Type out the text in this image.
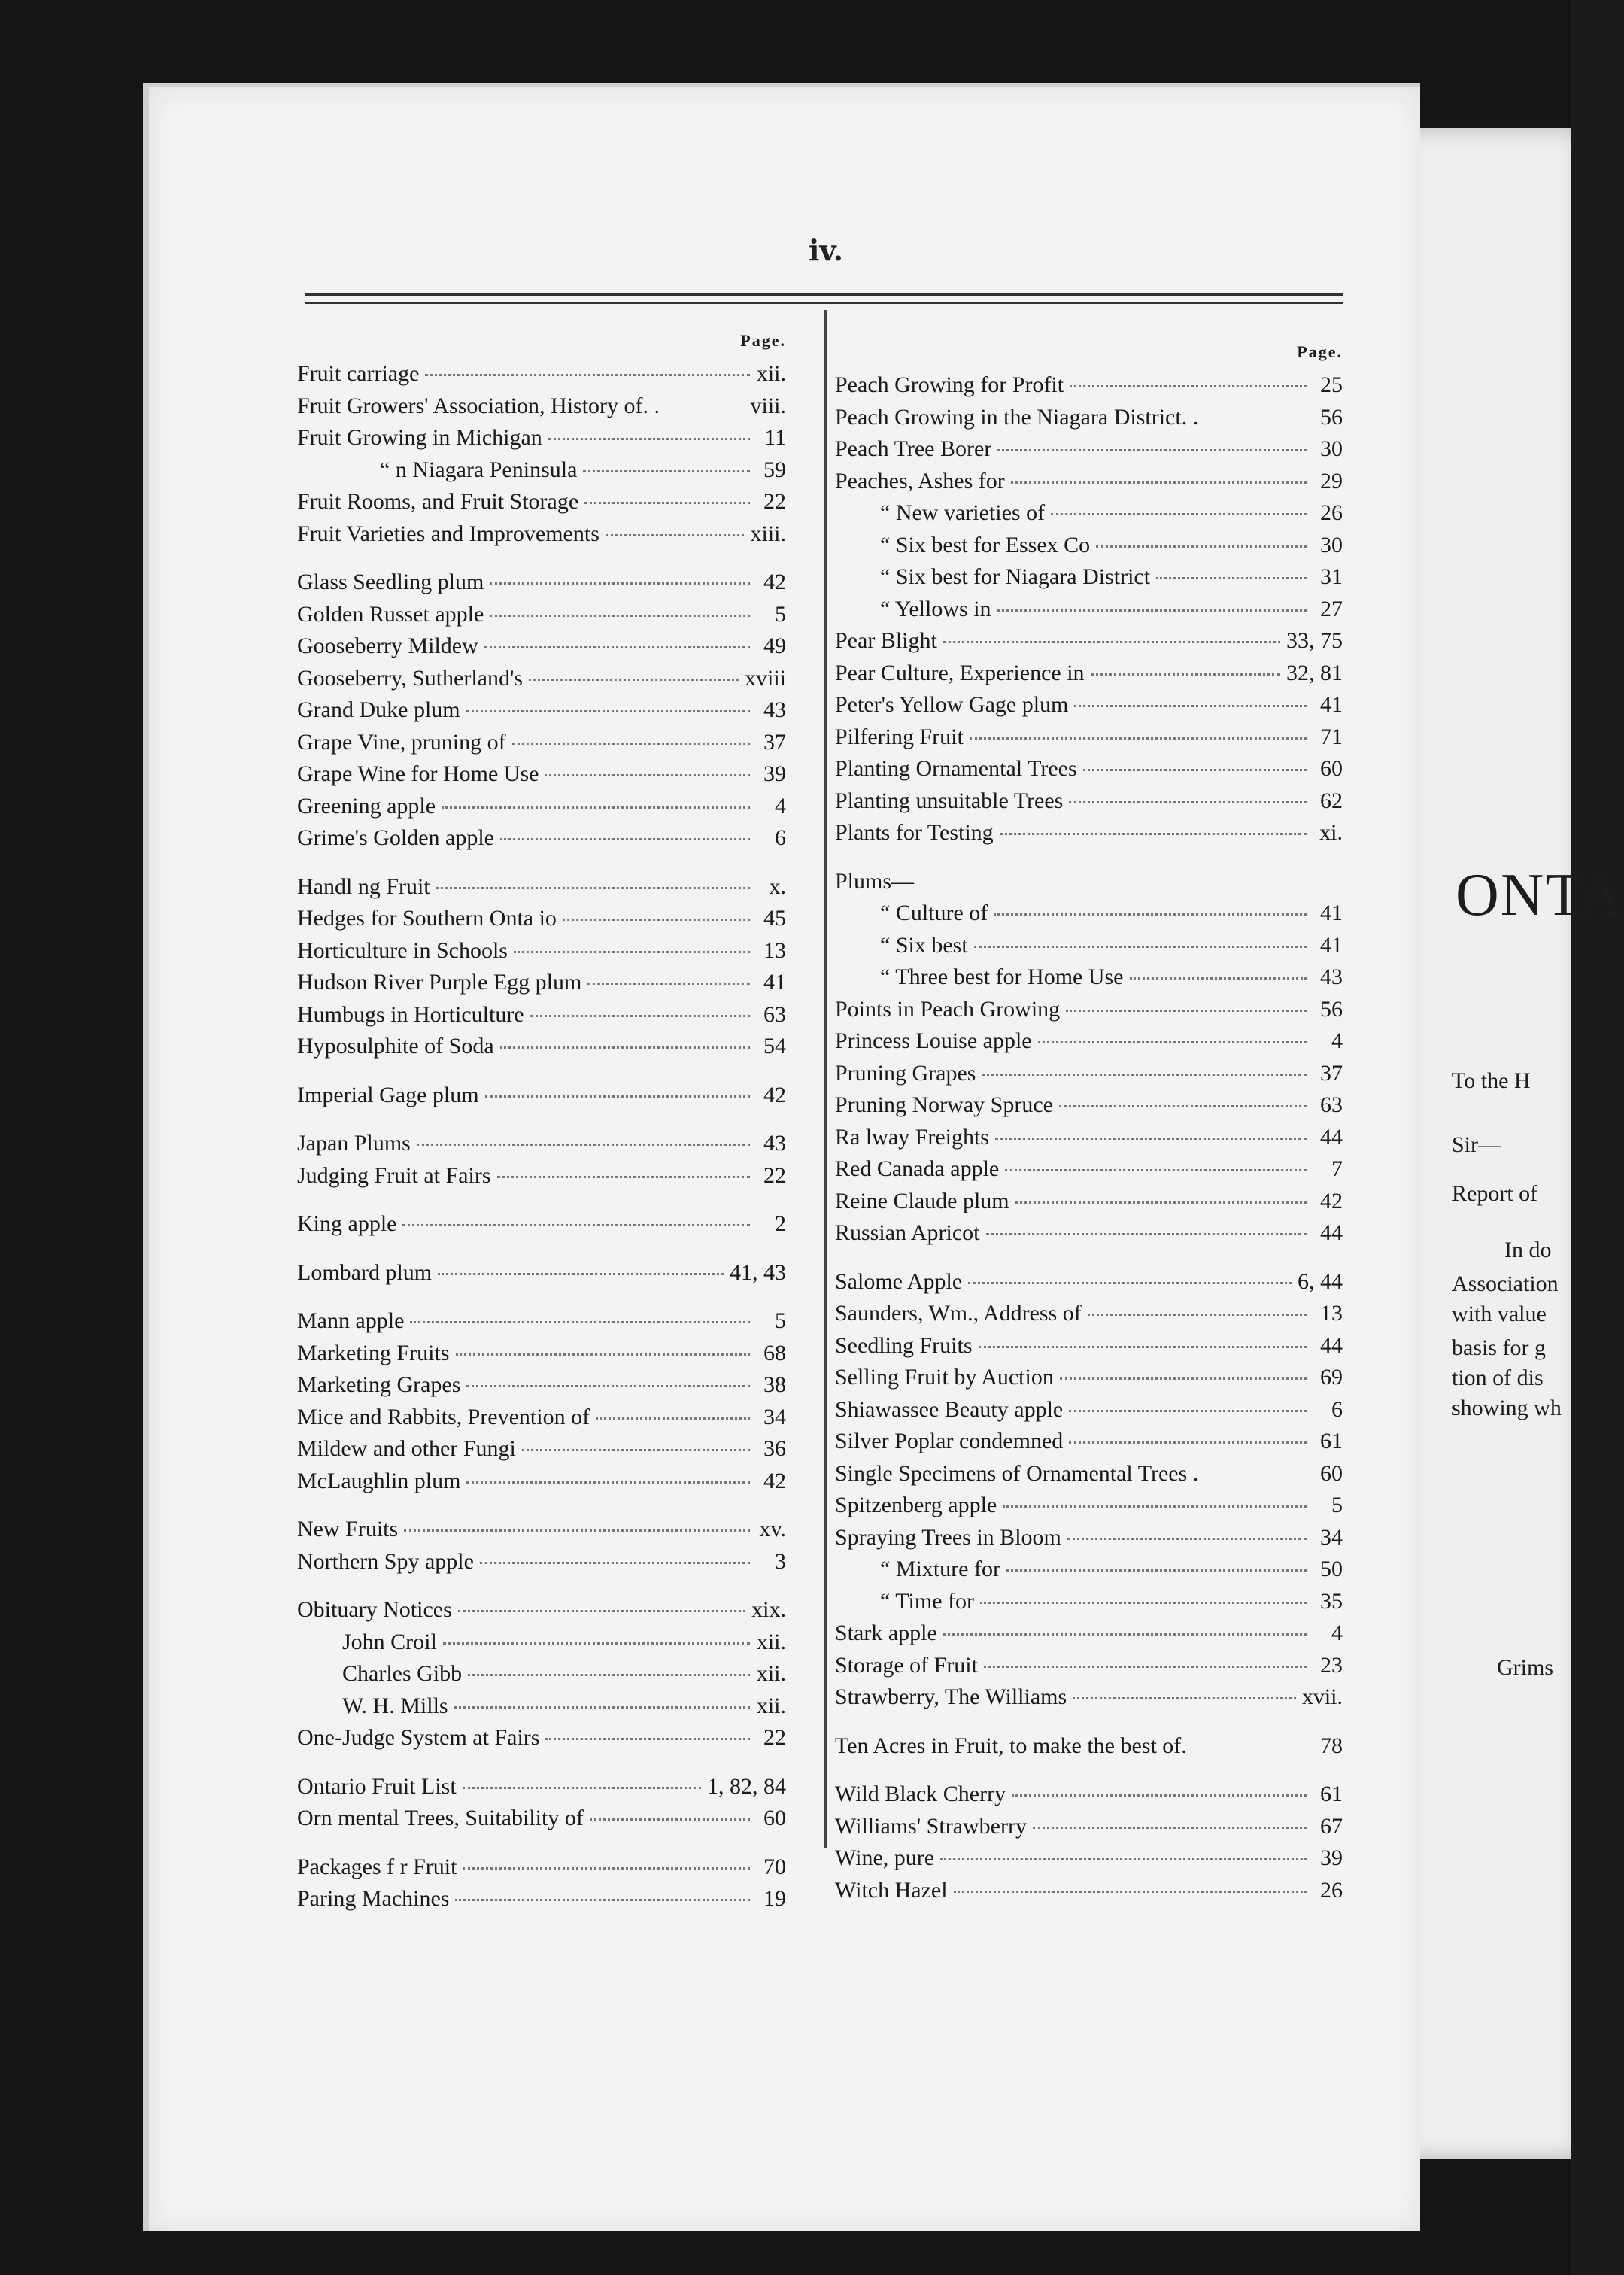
iv.
Page.
Fruit carriage	xii.
Fruit Growers' Association, History of. .	viii.
Fruit Growing in Michigan	11
“ n Niagara Peninsula	59
Fruit Rooms, and Fruit Storage	22
Fruit Varieties and Improvements	xiii.
Glass Seedling plum	42
Golden Russet apple	5
Gooseberry Mildew	49
Gooseberry, Sutherland's	xviii
Grand Duke plum	43
Grape Vine, pruning of	37
Grape Wine for Home Use	39
Greening apple	4
Grime's Golden apple	6
Handl ng Fruit	x.
Hedges for Southern Onta io	45
Horticulture in Schools	13
Hudson River Purple Egg plum	41
Humbugs in Horticulture	63
Hyposulphite of Soda	54
Imperial Gage plum	42
Japan Plums	43
Judging Fruit at Fairs	22
King apple	2
Lombard plum	41, 43
Mann apple	5
Marketing Fruits	68
Marketing Grapes	38
Mice and Rabbits, Prevention of	34
Mildew and other Fungi	36
McLaughlin plum	42
New Fruits	xv.
Northern Spy apple	3
Obituary Notices	xix.
John Croil	xii.
Charles Gibb	xii.
W. H. Mills	xii.
One-Judge System at Fairs	22
Ontario Fruit List	1, 82, 84
Orn mental Trees, Suitability of	60
Packages f r Fruit	70
Paring Machines	19
Page.
Peach Growing for Profit	25
Peach Growing in the Niagara District. .	56
Peach Tree Borer	30
Peaches, Ashes for	29
“ New varieties of	26
“ Six best for Essex Co	30
“ Six best for Niagara District	31
“ Yellows in	27
Pear Blight	33, 75
Pear Culture, Experience in	32, 81
Peter's Yellow Gage plum	41
Pilfering Fruit	71
Planting Ornamental Trees	60
Planting unsuitable Trees	62
Plants for Testing	xi.
Plums—
“ Culture of	41
“ Six best	41
“ Three best for Home Use	43
Points in Peach Growing	56
Princess Louise apple	4
Pruning Grapes	37
Pruning Norway Spruce	63
Ra lway Freights	44
Red Canada apple	7
Reine Claude plum	42
Russian Apricot	44
Salome Apple	6, 44
Saunders, Wm., Address of	13
Seedling Fruits	44
Selling Fruit by Auction	69
Shiawassee Beauty apple	6
Silver Poplar condemned	61
Single Specimens of Ornamental Trees .	60
Spitzenberg apple	5
Spraying Trees in Bloom	34
“ Mixture for	50
“ Time for	35
Stark apple	4
Storage of Fruit	23
Strawberry, The Williams	xvii.
Ten Acres in Fruit, to make the best of.	78
Wild Black Cherry	61
Williams' Strawberry	67
Wine, pure	39
Witch Hazel	26
ONTA
To the H
Sir—
Report of
In do
Association
with value
basis for g
tion of dis
showing wh
Grims
